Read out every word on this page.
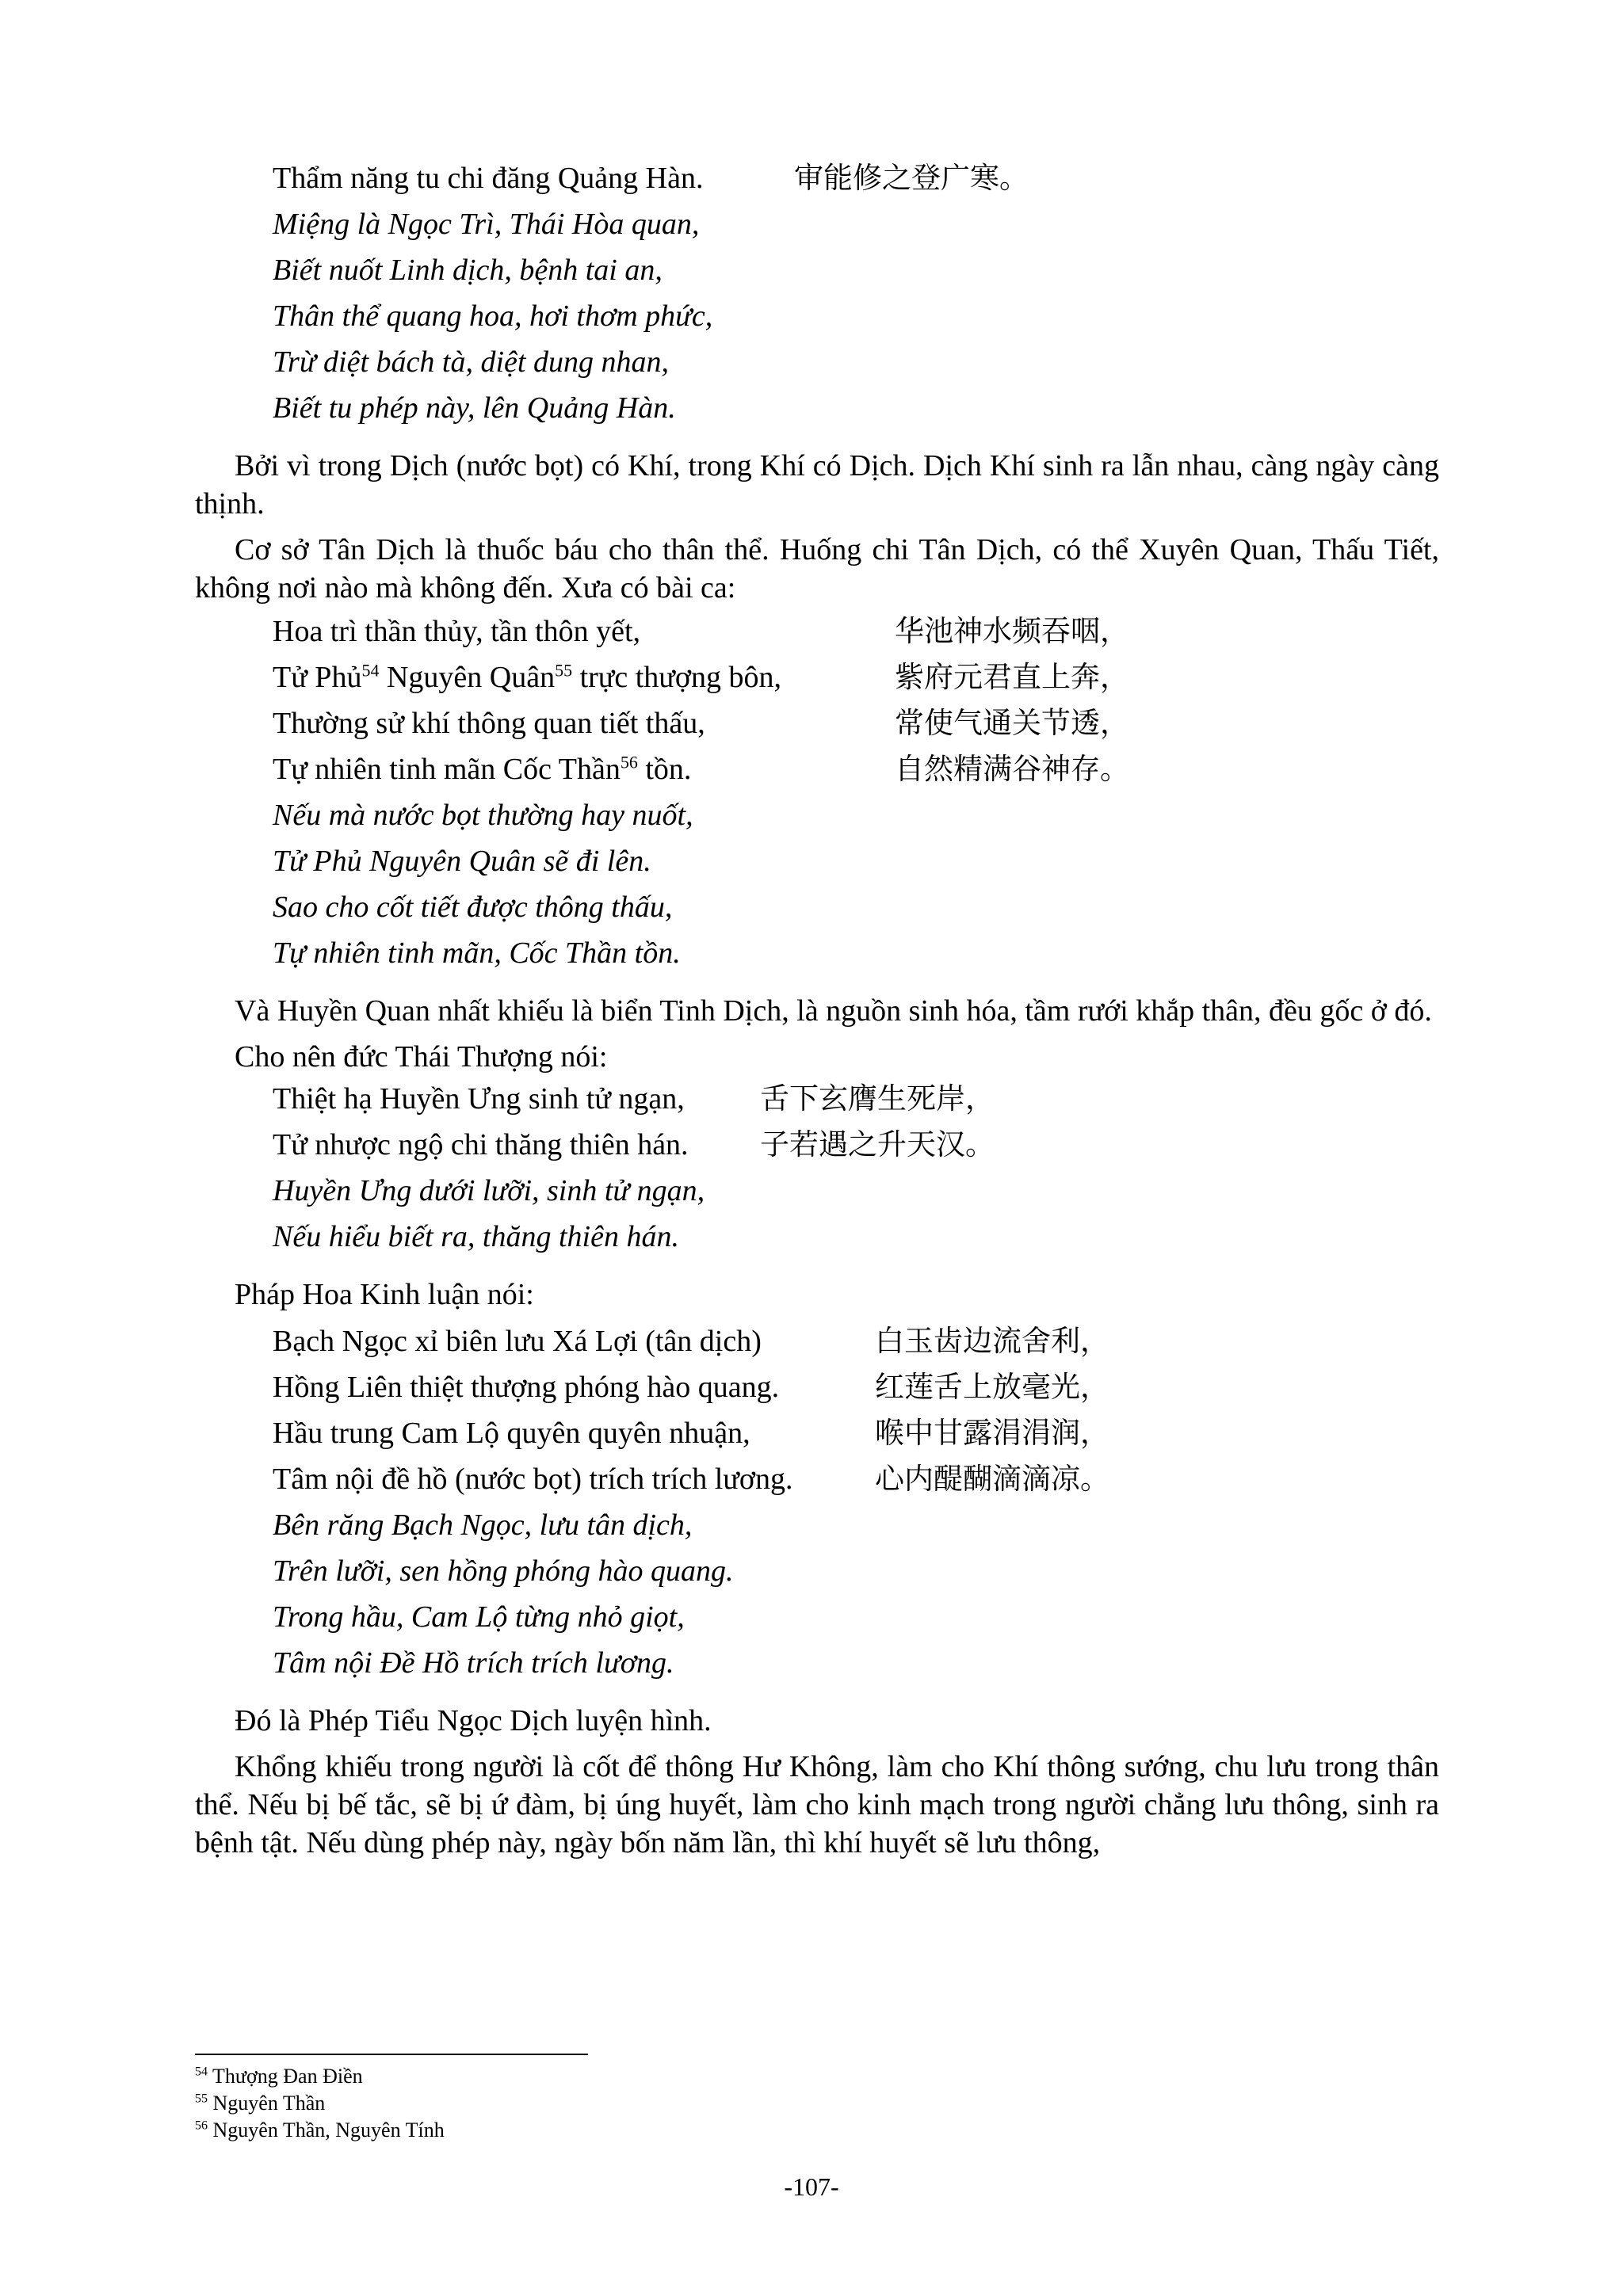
Thẩm năng tu chi đăng Quảng Hàn.	审能修之登广寒。
Miệng là Ngọc Trì, Thái Hòa quan,
Biết nuốt Linh dịch, bệnh tai an,
Thân thể quang hoa, hơi thơm phức,
Trừ diệt bách tà, diệt dung nhan,
Biết tu phép này, lên Quảng Hàn.

Bởi vì trong Dịch (nước bọt) có Khí, trong Khí có Dịch. Dịch Khí sinh ra lẫn nhau, càng ngày càng thịnh.

Cơ sở Tân Dịch là thuốc báu cho thân thể. Huống chi Tân Dịch, có thể Xuyên Quan, Thấu Tiết, không nơi nào mà không đến. Xưa có bài ca:

Hoa trì thần thủy, tần thôn yết,	华池神水频吞咽，
Tử Phủ$^{54}$ Nguyên Quân$^{55}$ trực thượng bôn,	紫府元君直上奔，
Thường sử khí thông quan tiết thấu,	常使气通关节透，
Tự nhiên tinh mãn Cốc Thần$^{56}$ tồn.	自然精满谷神存。
Nếu mà nước bọt thường hay nuốt,
Tử Phủ Nguyên Quân sẽ đi lên.
Sao cho cốt tiết được thông thấu,
Tự nhiên tinh mãn, Cốc Thần tồn.

Và Huyền Quan nhất khiếu là biển Tinh Dịch, là nguồn sinh hóa, tầm rưới khắp thân, đều gốc ở đó.

Cho nên đức Thái Thượng nói:

Thiệt hạ Huyền Ưng sinh tử ngạn,	舌下玄膺生死岸，
Tử nhược ngộ chi thăng thiên hán. 子若遇之升天汉。
Huyền Ưng dưới lưỡi, sinh tử ngạn,
Nếu hiểu biết ra, thăng thiên hán.

Pháp Hoa Kinh luận nói:

Bạch Ngọc xỉ biên lưu Xá Lợi (tân dịch)	白玉齿边流舍利，
Hồng Liên thiệt thượng phóng hào quang.	红莲舌上放毫光，
Hầu trung Cam Lộ quyên quyên nhuận,	喉中甘露涓涓润，
Tâm nội đề hồ (nước bọt) trích trích lương.	心内醍醐滴滴凉。
Bên răng Bạch Ngọc, lưu tân dịch,
Trên lưỡi, sen hồng phóng hào quang.
Trong hầu, Cam Lộ từng nhỏ giọt,
Tâm nội Đề Hồ trích trích lương.

Đó là Phép Tiểu Ngọc Dịch luyện hình.

Khổng khiếu trong người là cốt để thông Hư Không, làm cho Khí thông sướng, chu lưu trong thân thể. Nếu bị bế tắc, sẽ bị ứ đàm, bị úng huyết, làm cho kinh mạch trong người chẳng lưu thông, sinh ra bệnh tật. Nếu dùng phép này, ngày bốn năm lần, thì khí huyết sẽ lưu thông,

$^{54}$ Thượng Đan Điền
$^{55}$ Nguyên Thần
$^{56}$ Nguyên Thần, Nguyên Tính
-107-
